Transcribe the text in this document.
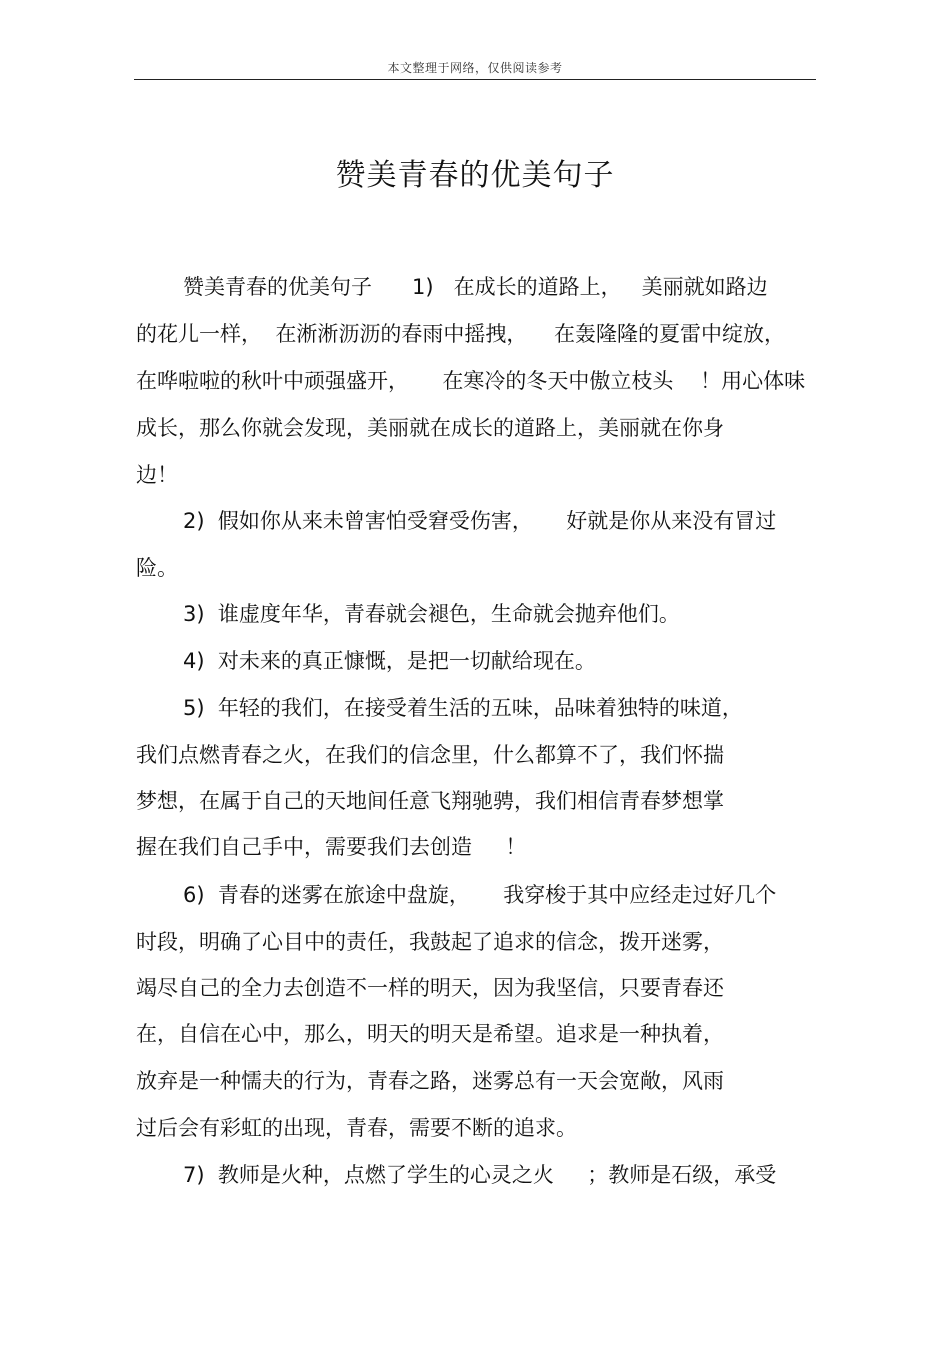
本文整理于网络，仅供阅读参考
赞美青春的优美句子
赞美青春的优美句子      1)   在成长的道路上，   美丽就如路边
的花儿一样，  在淅淅沥沥的春雨中摇拽，    在轰隆隆的夏雷中绽放，
在哗啦啦的秋叶中顽强盛开，     在寒冷的冬天中傲立枝头    ！用心体味
成长，那么你就会发现，美丽就在成长的道路上，美丽就在你身
边！
2)  假如你从来未曾害怕受窘受伤害，     好就是你从来没有冒过
险。
3)  谁虚度年华，青春就会褪色，生命就会抛弃他们。
4)  对未来的真正慷慨，是把一切献给现在。
5)  年轻的我们，在接受着生活的五味，品味着独特的味道，
我们点燃青春之火，在我们的信念里，什么都算不了，我们怀揣
梦想，在属于自己的天地间任意飞翔驰骋，我们相信青春梦想掌
握在我们自己手中，需要我们去创造     ！
6)  青春的迷雾在旅途中盘旋，     我穿梭于其中应经走过好几个
时段，明确了心目中的责任，我鼓起了追求的信念，拨开迷雾，
竭尽自己的全力去创造不一样的明天，因为我坚信，只要青春还
在，自信在心中，那么，明天的明天是希望。追求是一种执着，
放弃是一种懦夫的行为，青春之路，迷雾总有一天会宽敞，风雨
过后会有彩虹的出现，青春，需要不断的追求。
7)  教师是火种，点燃了学生的心灵之火     ；教师是石级，承受
